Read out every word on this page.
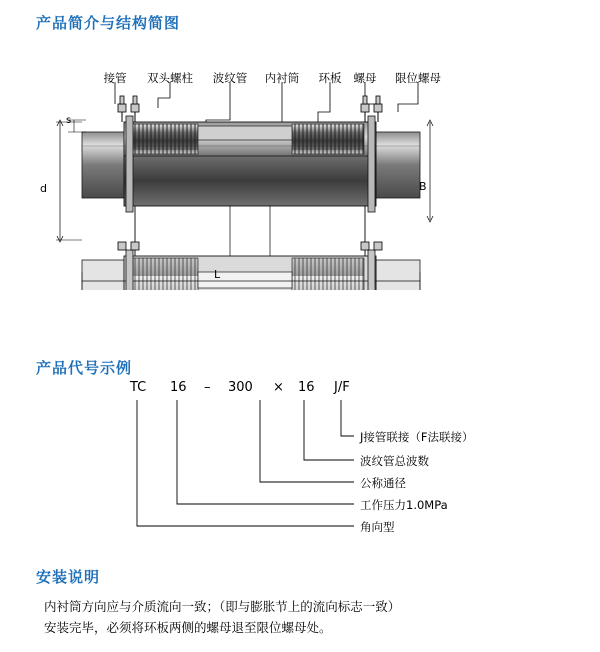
产品简介与结构简图
接管 双头螺柱 波纹管 内衬筒 环板 螺母 限位螺母
d
s
B
L
产品代号示例
TC 16 – 300 × 16 J/F
J接管联接（F法联接）
波纹管总波数
公称通径
工作压力1.0MPa
角向型
安装说明
内衬筒方向应与介质流向一致；（即与膨胀节上的流向标志一致）
安装完毕，必须将环板两侧的螺母退至限位螺母处。
